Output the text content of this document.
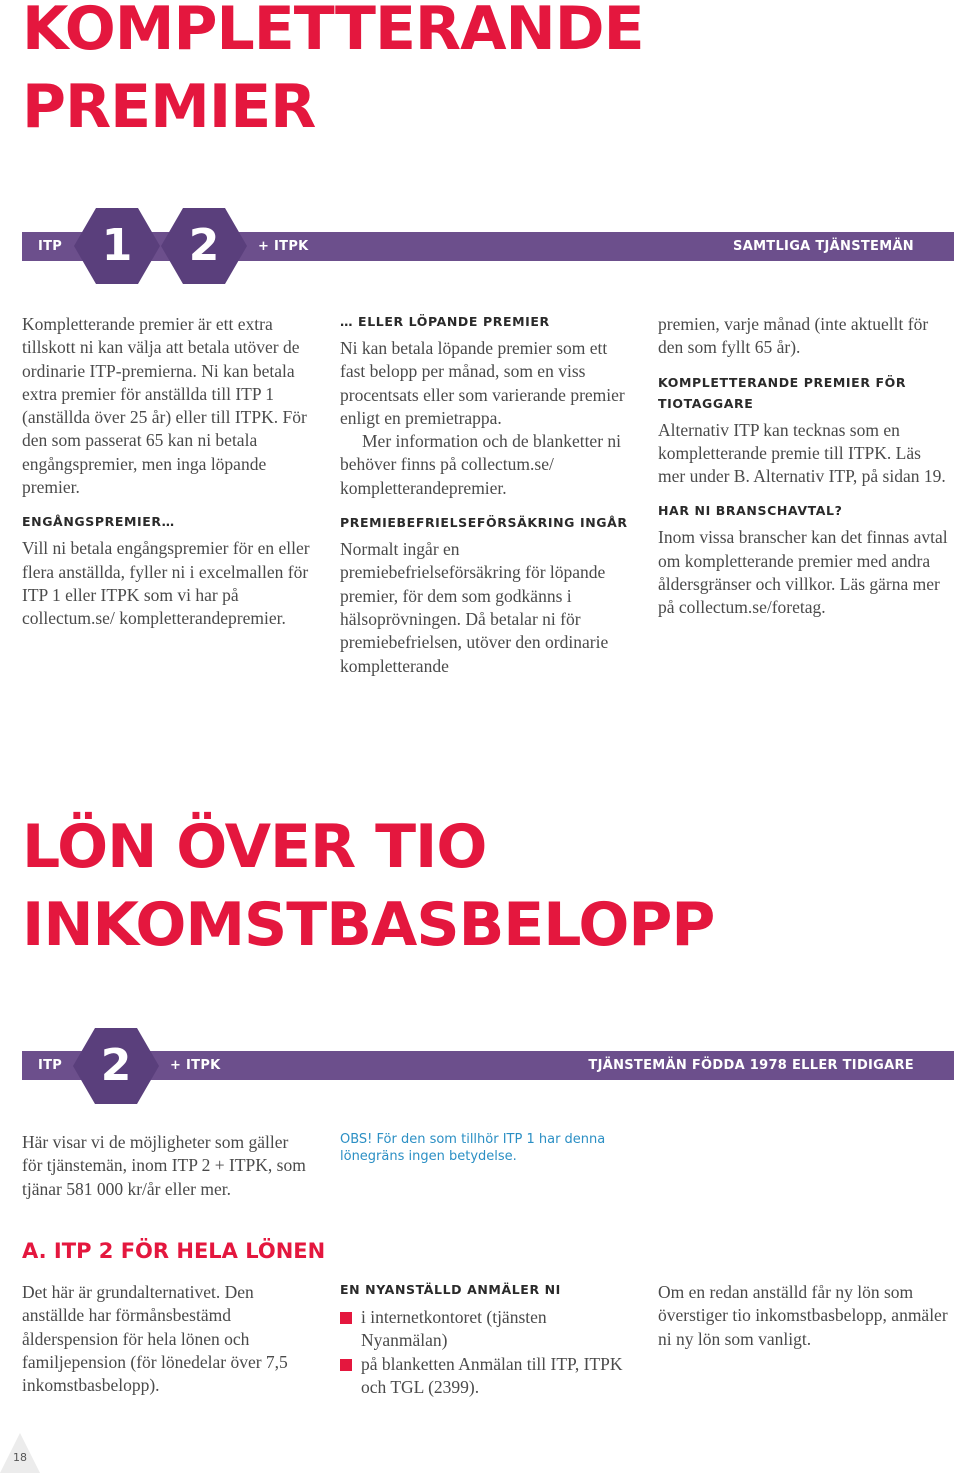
KOMPLETTERANDE
PREMIER
ITP	+ ITPK	SAMTLIGA TJÄNSTEMÄN
1	2

Kompletterande premier är ett extra tillskott ni kan välja att betala utöver de ordinarie ITP-premierna. Ni kan betala extra premier för anställda till ITP 1 (anställda över 25 år) eller till ITPK. För den som passerat 65 kan ni betala engångspremier, men inga löpande premier.

ENGÅNGSPREMIER…

Vill ni betala engångspremier för en eller flera anställda, fyller ni i excelmallen för ITP 1 eller ITPK som vi har på collectum.se/ kompletterandepremier.

… ELLER LÖPANDE PREMIER

Ni kan betala löpande premier som ett fast belopp per månad, som en viss procentsats eller som varierande premier enligt en premietrappa.

Mer information och de blanketter ni behöver finns på collectum.se/ kompletterandepremier.

PREMIEBEFRIELSEFÖRSÄKRING INGÅR

Normalt ingår en premiebefrielseförsäkring för löpande premier, för dem som godkänns i hälsoprövningen. Då betalar ni för premiebefrielsen, utöver den ordinarie kompletterande

premien, varje månad (inte aktuellt för den som fyllt 65 år).

KOMPLETTERANDE PREMIER FÖR TIOTAGGARE

Alternativ ITP kan tecknas som en kompletterande premie till ITPK. Läs mer under B. Alternativ ITP, på sidan 19.

HAR NI BRANSCHAVTAL?

Inom vissa branscher kan det finnas avtal om kompletterande premier med andra åldersgränser och villkor. Läs gärna mer på collectum.se/foretag.

LÖN ÖVER TIO
INKOMSTBASBELOPP
ITP	+ ITPK	TJÄNSTEMÄN FÖDDA 1978 ELLER TIDIGARE
2

Här visar vi de möjligheter som gäller för tjänstemän, inom ITP 2 + ITPK, som tjänar 581 000 kr/år eller mer.

OBS! För den som tillhör ITP 1 har denna lönegräns ingen betydelse.
A. ITP 2 FÖR HELA LÖNEN

Det här är grundalternativet. Den anställde har förmånsbestämd ålderspension för hela lönen och familjepension (för lönedelar över 7,5 inkomstbasbelopp).

EN NYANSTÄLLD ANMÄLER NI

i internetkontoret (tjänsten Nyanmälan)
på blanketten Anmälan till ITP, ITPK och TGL (2399).

Om en redan anställd får ny lön som överstiger tio inkomstbasbelopp, anmäler ni ny lön som vanligt.

18
